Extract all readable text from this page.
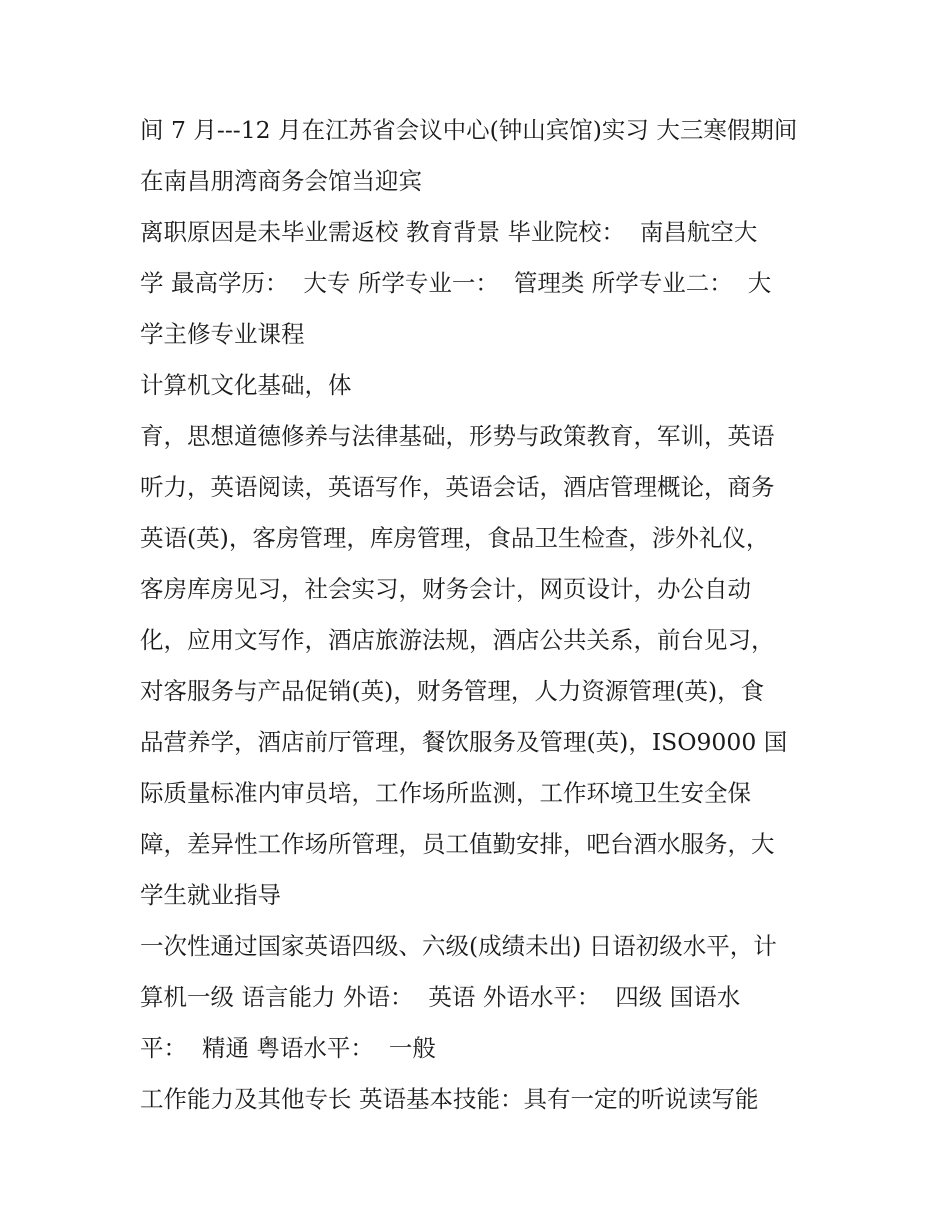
间 7 月---12 月在江苏省会议中心(钟山宾馆)实习 大三寒假期间
在南昌朋湾商务会馆当迎宾
离职原因是未毕业需返校 教育背景 毕业院校：  南昌航空大
学 最高学历：  大专 所学专业一：  管理类 所学专业二：  大
学主修专业课程
计算机文化基础，体
育，思想道德修养与法律基础，形势与政策教育，军训，英语
听力，英语阅读，英语写作，英语会话，酒店管理概论，商务
英语(英)，客房管理，库房管理，食品卫生检查，涉外礼仪，
客房库房见习，社会实习，财务会计，网页设计，办公自动
化，应用文写作，酒店旅游法规，酒店公共关系，前台见习，
对客服务与产品促销(英)，财务管理，人力资源管理(英)，食
品营养学，酒店前厅管理，餐饮服务及管理(英)，ISO9000 国
际质量标准内审员培，工作场所监测，工作环境卫生安全保
障，差异性工作场所管理，员工值勤安排，吧台酒水服务，大
学生就业指导
一次性通过国家英语四级、六级(成绩未出) 日语初级水平，计
算机一级 语言能力 外语：  英语 外语水平：  四级 国语水
平：  精通 粤语水平：  一般
工作能力及其他专长 英语基本技能：具有一定的听说读写能
